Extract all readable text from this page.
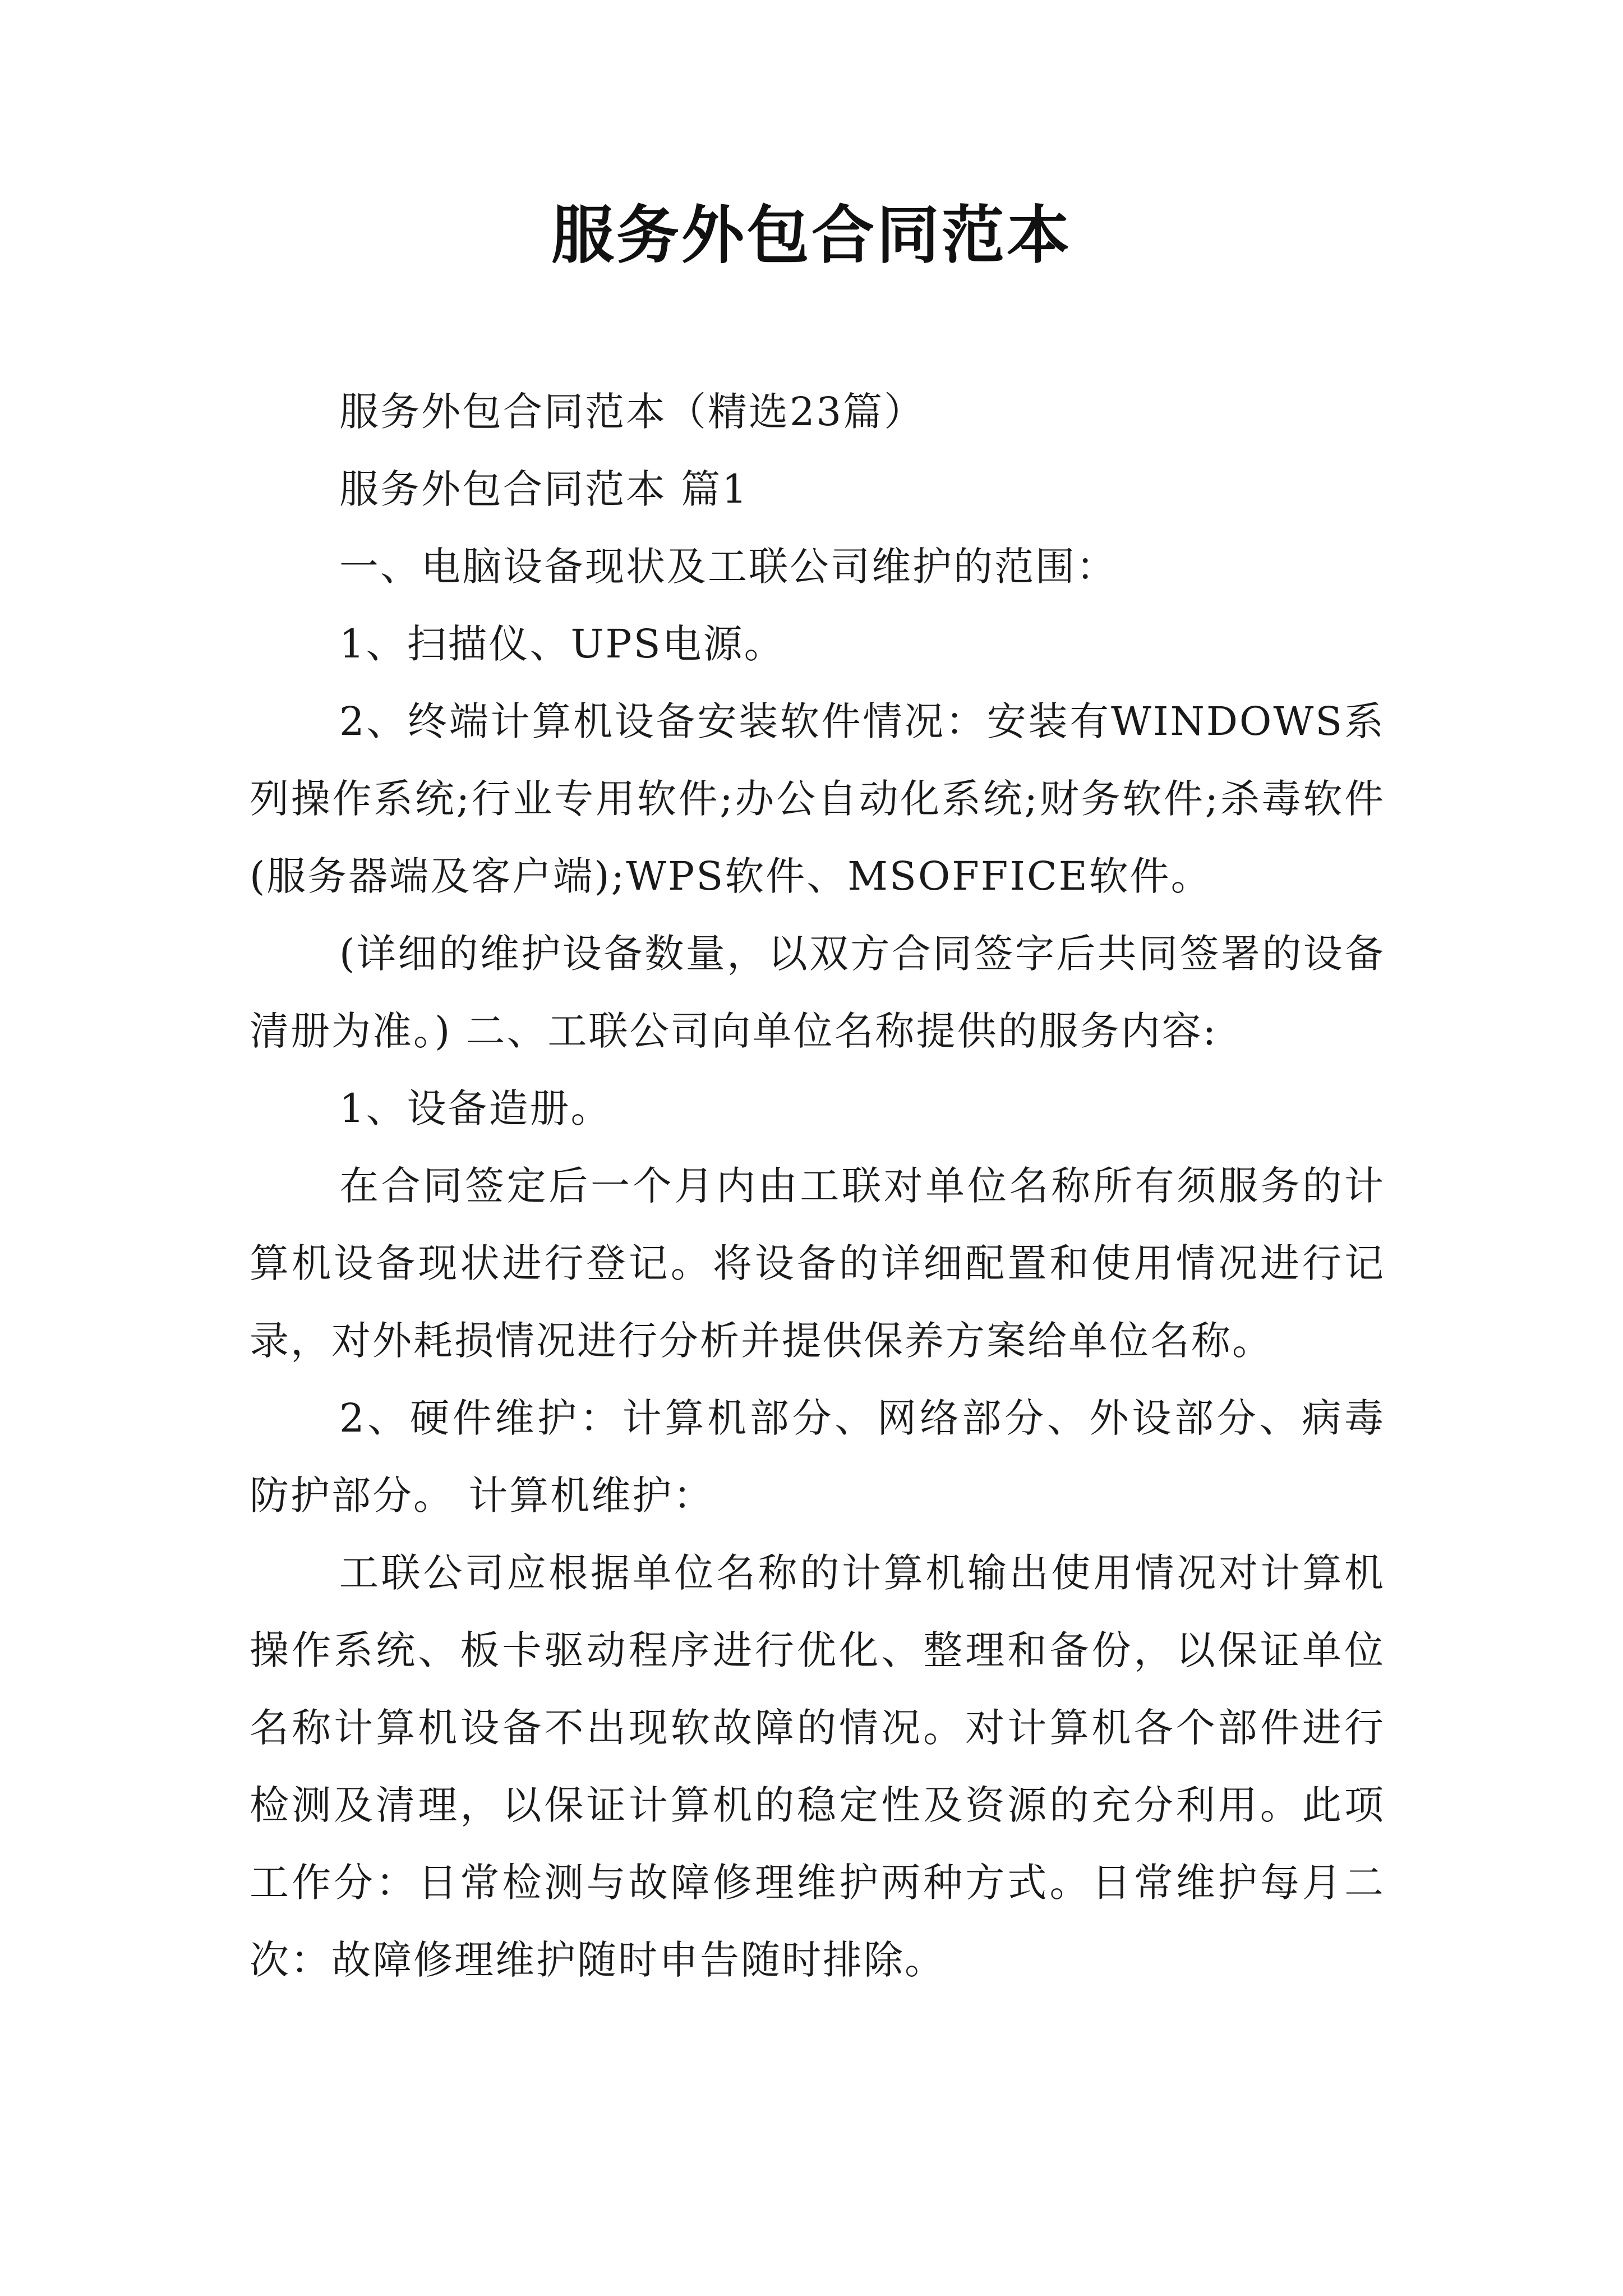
服务外包合同范本

服务外包合同范本（精选23篇）

服务外包合同范本 篇1

一、电脑设备现状及工联公司维护的范围：

1、扫描仪、UPS电源。

2、终端计算机设备安装软件情况：安装有WINDOWS系列操作系统;行业专用软件;办公自动化系统;财务软件;杀毒软件(服务器端及客户端);WPS软件、MSOFFICE软件。

(详细的维护设备数量，以双方合同签字后共同签署的设备清册为准。) 二、工联公司向单位名称提供的服务内容:

1、设备造册。

在合同签定后一个月内由工联对单位名称所有须服务的计算机设备现状进行登记。将设备的详细配置和使用情况进行记录，对外耗损情况进行分析并提供保养方案给单位名称。

2、硬件维护：计算机部分、网络部分、外设部分、病毒防护部分。 计算机维护：

工联公司应根据单位名称的计算机输出使用情况对计算机操作系统、板卡驱动程序进行优化、整理和备份，以保证单位名称计算机设备不出现软故障的情况。对计算机各个部件进行检测及清理，以保证计算机的稳定性及资源的充分利用。此项工作分：日常检测与故障修理维护两种方式。日常维护每月二次：故障修理维护随时申告随时排除。
